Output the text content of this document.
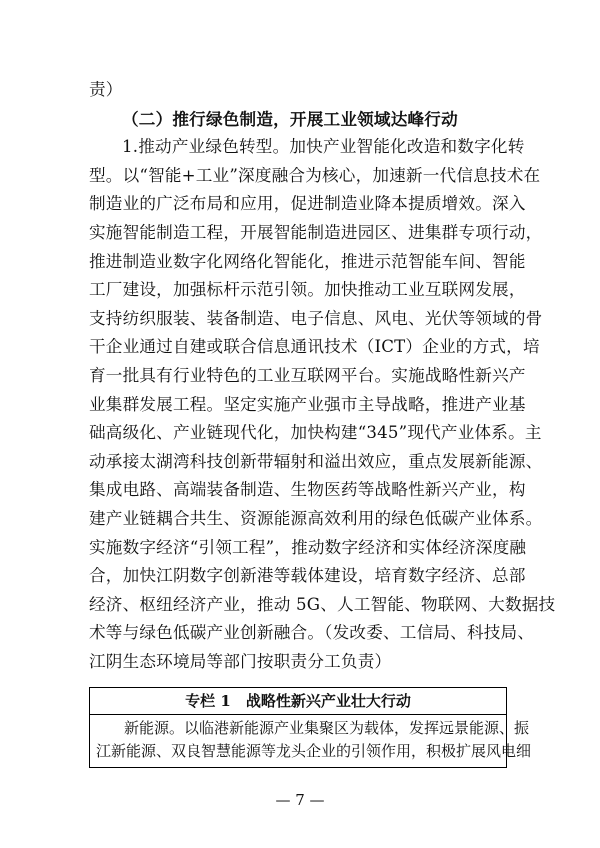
责）
（二）推行绿色制造，开展工业领域达峰行动
1.推动产业绿色转型。加快产业智能化改造和数字化转
型。以“智能+工业”深度融合为核心，加速新一代信息技术在
制造业的广泛布局和应用，促进制造业降本提质增效。深入
实施智能制造工程，开展智能制造进园区、进集群专项行动，
推进制造业数字化网络化智能化，推进示范智能车间、智能
工厂建设，加强标杆示范引领。加快推动工业互联网发展，
支持纺织服装、装备制造、电子信息、风电、光伏等领域的骨
干企业通过自建或联合信息通讯技术（ICT）企业的方式，培
育一批具有行业特色的工业互联网平台。实施战略性新兴产
业集群发展工程。坚定实施产业强市主导战略，推进产业基
础高级化、产业链现代化，加快构建“345”现代产业体系。主
动承接太湖湾科技创新带辐射和溢出效应，重点发展新能源、
集成电路、高端装备制造、生物医药等战略性新兴产业，构
建产业链耦合共生、资源能源高效利用的绿色低碳产业体系。
实施数字经济“引领工程”，推动数字经济和实体经济深度融
合，加快江阴数字创新港等载体建设，培育数字经济、总部
经济、枢纽经济产业，推动 5G、人工智能、物联网、大数据技
术等与绿色低碳产业创新融合。（发改委、工信局、科技局、
江阴生态环境局等部门按职责分工负责）
专栏 1　战略性新兴产业壮大行动
新能源。以临港新能源产业集聚区为载体，发挥远景能源、振
江新能源、双良智慧能源等龙头企业的引领作用，积极扩展风电细
— 7 —
